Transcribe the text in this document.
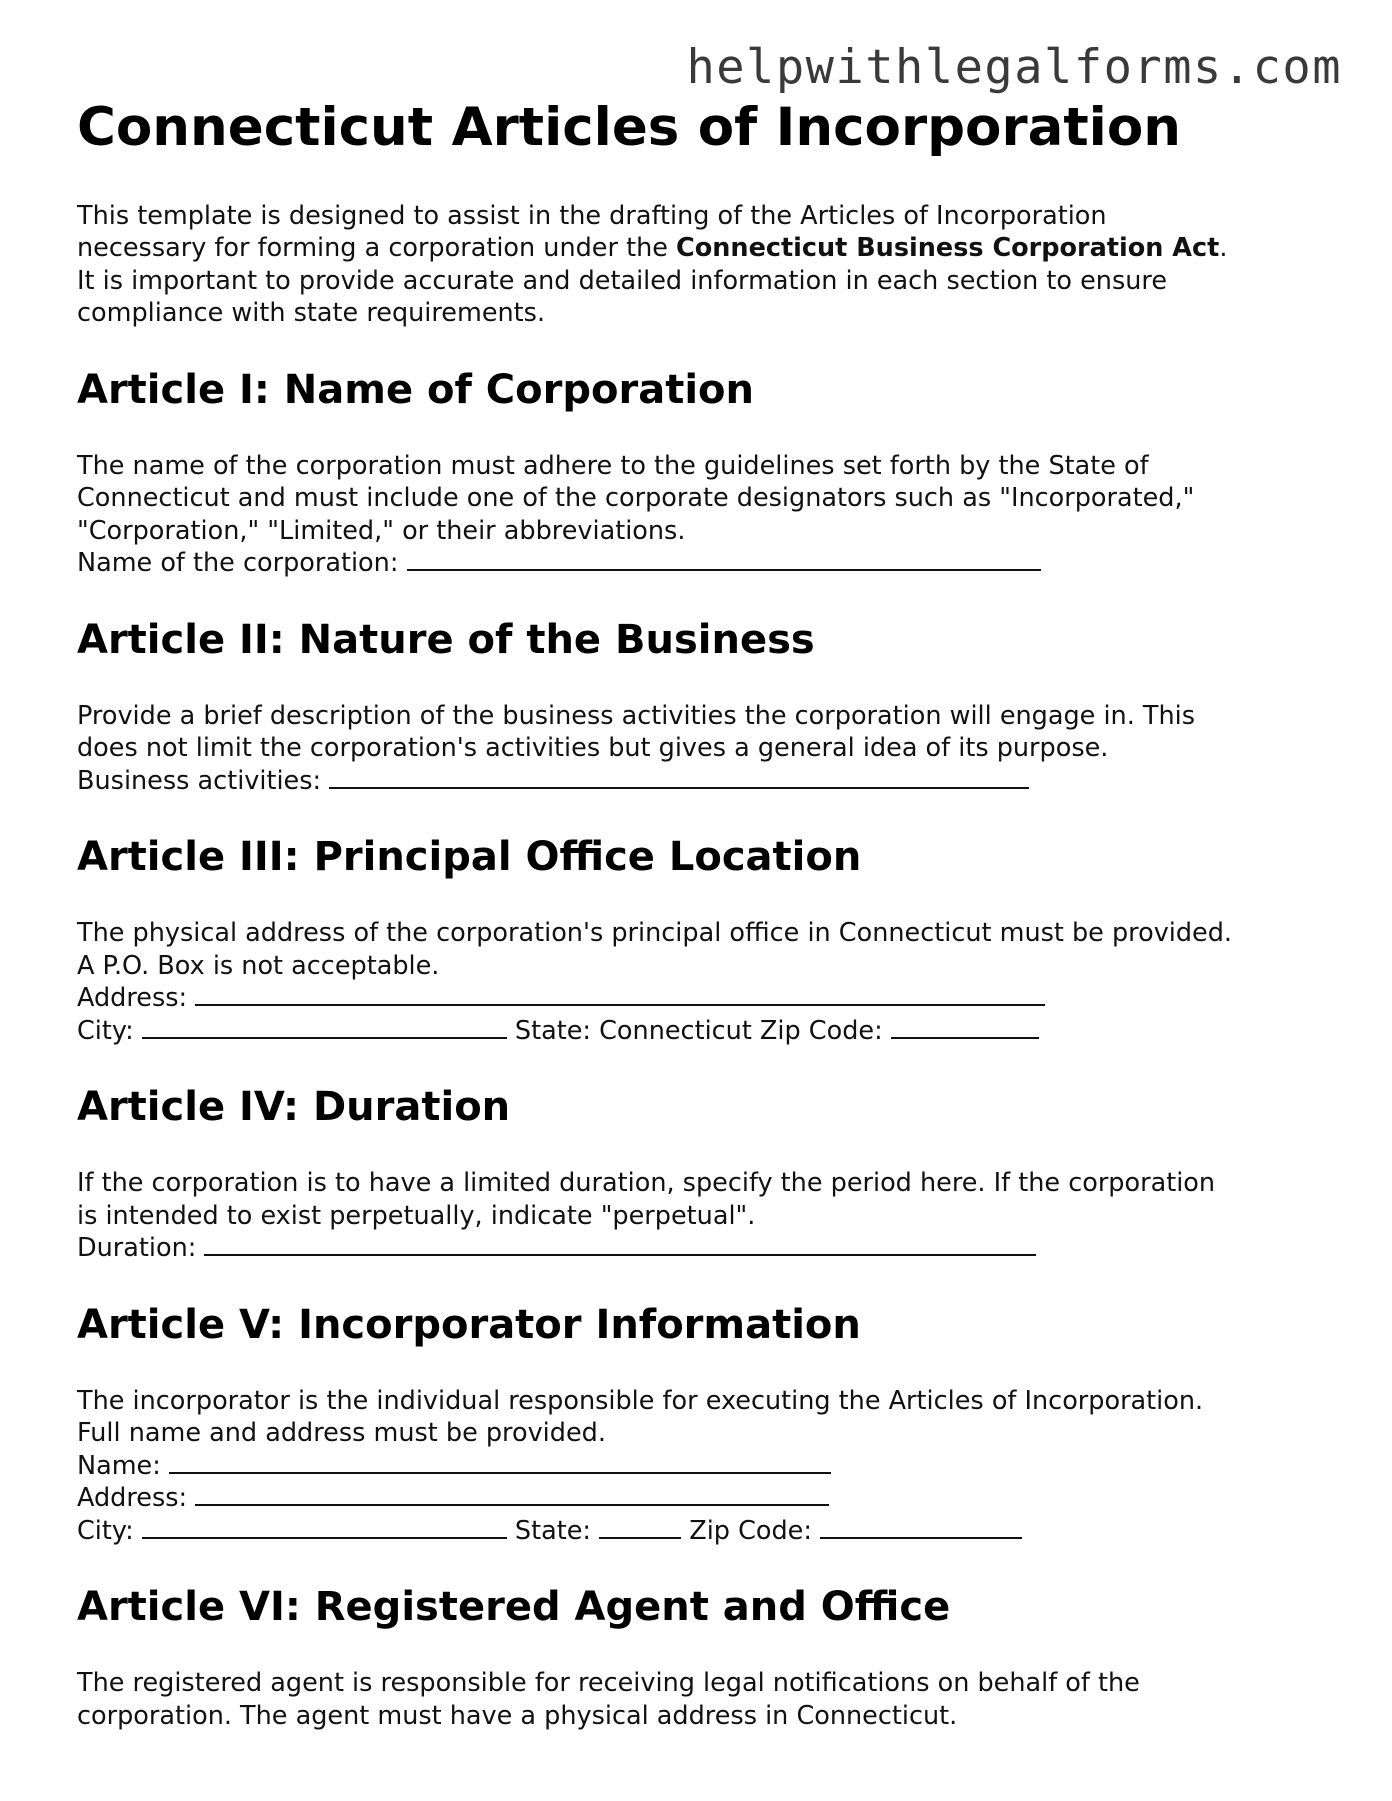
helpwithlegalforms.com
Connecticut Articles of Incorporation

This template is designed to assist in the drafting of the Articles of Incorporation
necessary for forming a corporation under the Connecticut Business Corporation Act.
It is important to provide accurate and detailed information in each section to ensure
compliance with state requirements.

Article I: Name of Corporation

The name of the corporation must adhere to the guidelines set forth by the State of
Connecticut and must include one of the corporate designators such as "Incorporated,"
"Corporation," "Limited," or their abbreviations.
Name of the corporation:

Article II: Nature of the Business

Provide a brief description of the business activities the corporation will engage in. This
does not limit the corporation's activities but gives a general idea of its purpose.
Business activities:

Article III: Principal Office Location

The physical address of the corporation's principal office in Connecticut must be provided.
A P.O. Box is not acceptable.
Address:
City:	State: Connecticut Zip Code:

Article IV: Duration

If the corporation is to have a limited duration, specify the period here. If the corporation
is intended to exist perpetually, indicate "perpetual".
Duration:

Article V: Incorporator Information

The incorporator is the individual responsible for executing the Articles of Incorporation.
Full name and address must be provided.
Name:
Address:
City:	State:	Zip Code:

Article VI: Registered Agent and Office

The registered agent is responsible for receiving legal notifications on behalf of the
corporation. The agent must have a physical address in Connecticut.
